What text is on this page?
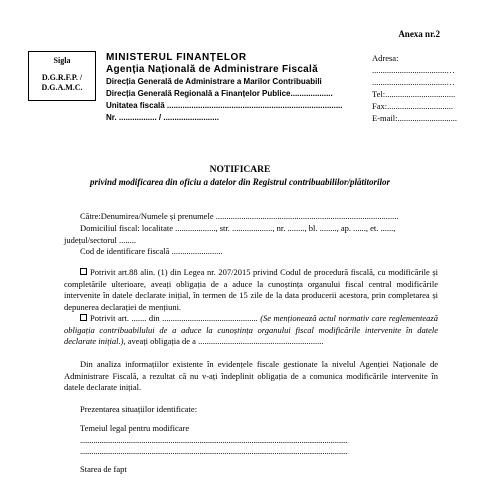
Anexa nr.2
Sigla
D.G.R.F.P. /
D.G.A.M.C.
MINISTERUL FINANȚELOR
Agenția Națională de Administrare Fiscală
Direcția Generală de Administrare a Marilor Contribuabili
Direcția Generală Regională a Finanțelor Publice...................
Unitatea fiscală ...............................................................................
Nr. ................. / .........................
Adresa:
...................................…
...................................…
Tel:.................................
Fax:...............................
E-mail:............................
NOTIFICARE
privind modificarea din oficiu a datelor din Registrul contribuabililor/plătitorilor
Către:Denumirea/Numele și prenumele ......................................................................................
Domiciliul fiscal: localitate ..................., str. ..................., nr. ........, bl. ........, ap. ......, et. ......,
județul/sectorul ........
Cod de identificare fiscală ........................
Potrivit art.88 alin. (1) din Legea nr. 207/2015 privind Codul de procedură fiscală, cu modificările și completările ulterioare, aveați obligația de a aduce la cunoștința organului fiscal central modificările intervenite în datele declarate inițial, în termen de 15 zile de la data producerii acestora, prin completarea și depunerea declarației de mențiuni.
Potrivit art. ....... din ............................................. (Se menționează actul normativ care reglementează obligația contribuabilului de a aduce la cunoștința organului fiscal modificările intervenite în datele declarate inițial.), aveați obligația de a ...........................................................
Din analiza informațiilor existente în evidențele fiscale gestionate la nivelul Agenției Naționale de Administrare Fiscală, a rezultat că nu v-ați îndeplinit obligația de a comunica modificările intervenite în datele declarate inițial.
Prezentarea situațiilor identificate:
Temeiul legal pentru modificare
...........................................................................................................................................
...........................................................................................................................................
Starea de fapt
